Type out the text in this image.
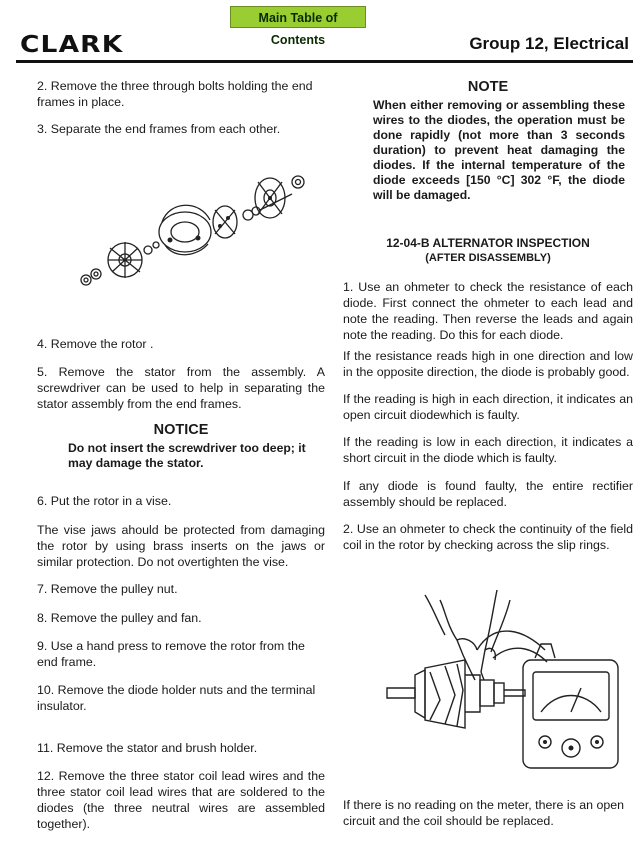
Main Table of Contents
CLARK	Group 12, Electrical

2. Remove the three through bolts holding the end frames in place.

3. Separate the end frames from each other.

4. Remove the rotor .

5. Remove the stator from the assembly. A screwdriver can be used to help in separating the stator assembly from the end frames.

NOTICE

Do not insert the screwdriver too deep; it may damage the stator.

6. Put the rotor in a vise.

The vise jaws ahould be protected from damaging the rotor by using brass inserts on the jaws or similar protection. Do not overtighten the vise.

7. Remove the pulley nut.

8. Remove the pulley and fan.

9. Use a hand press to remove the rotor from the end frame.

10. Remove the diode holder nuts and the terminal insulator.

11. Remove the stator and brush holder.

12. Remove the three stator coil lead wires and the three stator coil lead wires that are soldered to the diodes (the three neutral wires are assembled together).

NOTE

When either removing or assembling these wires to the diodes, the operation must be done rapidly (not more than 3 seconds duration) to prevent heat damaging the diodes. If the internal temperature of the diode exceeds [150 °C] 302 °F, the diode will be damaged.

12-04-B ALTERNATOR INSPECTION
(AFTER DISASSEMBLY)

1. Use an ohmeter to check the resistance of each diode. First connect the ohmeter to each lead and note the reading. Then reverse the leads and again note the reading. Do this for each diode.

If the resistance reads high in one direction and low in the opposite direction, the diode is probably good.

If the reading is high in each direction, it indicates an open circuit diodewhich is faulty.

If the reading is low in each direction, it indicates a short circuit in the diode which is faulty.

If any diode is found faulty, the entire rectifier assembly should be replaced.

2. Use an ohmeter to check the continuity of the field coil in the rotor by checking across the slip rings.

If there is no reading on the meter, there is an open circuit and the coil should be replaced.
